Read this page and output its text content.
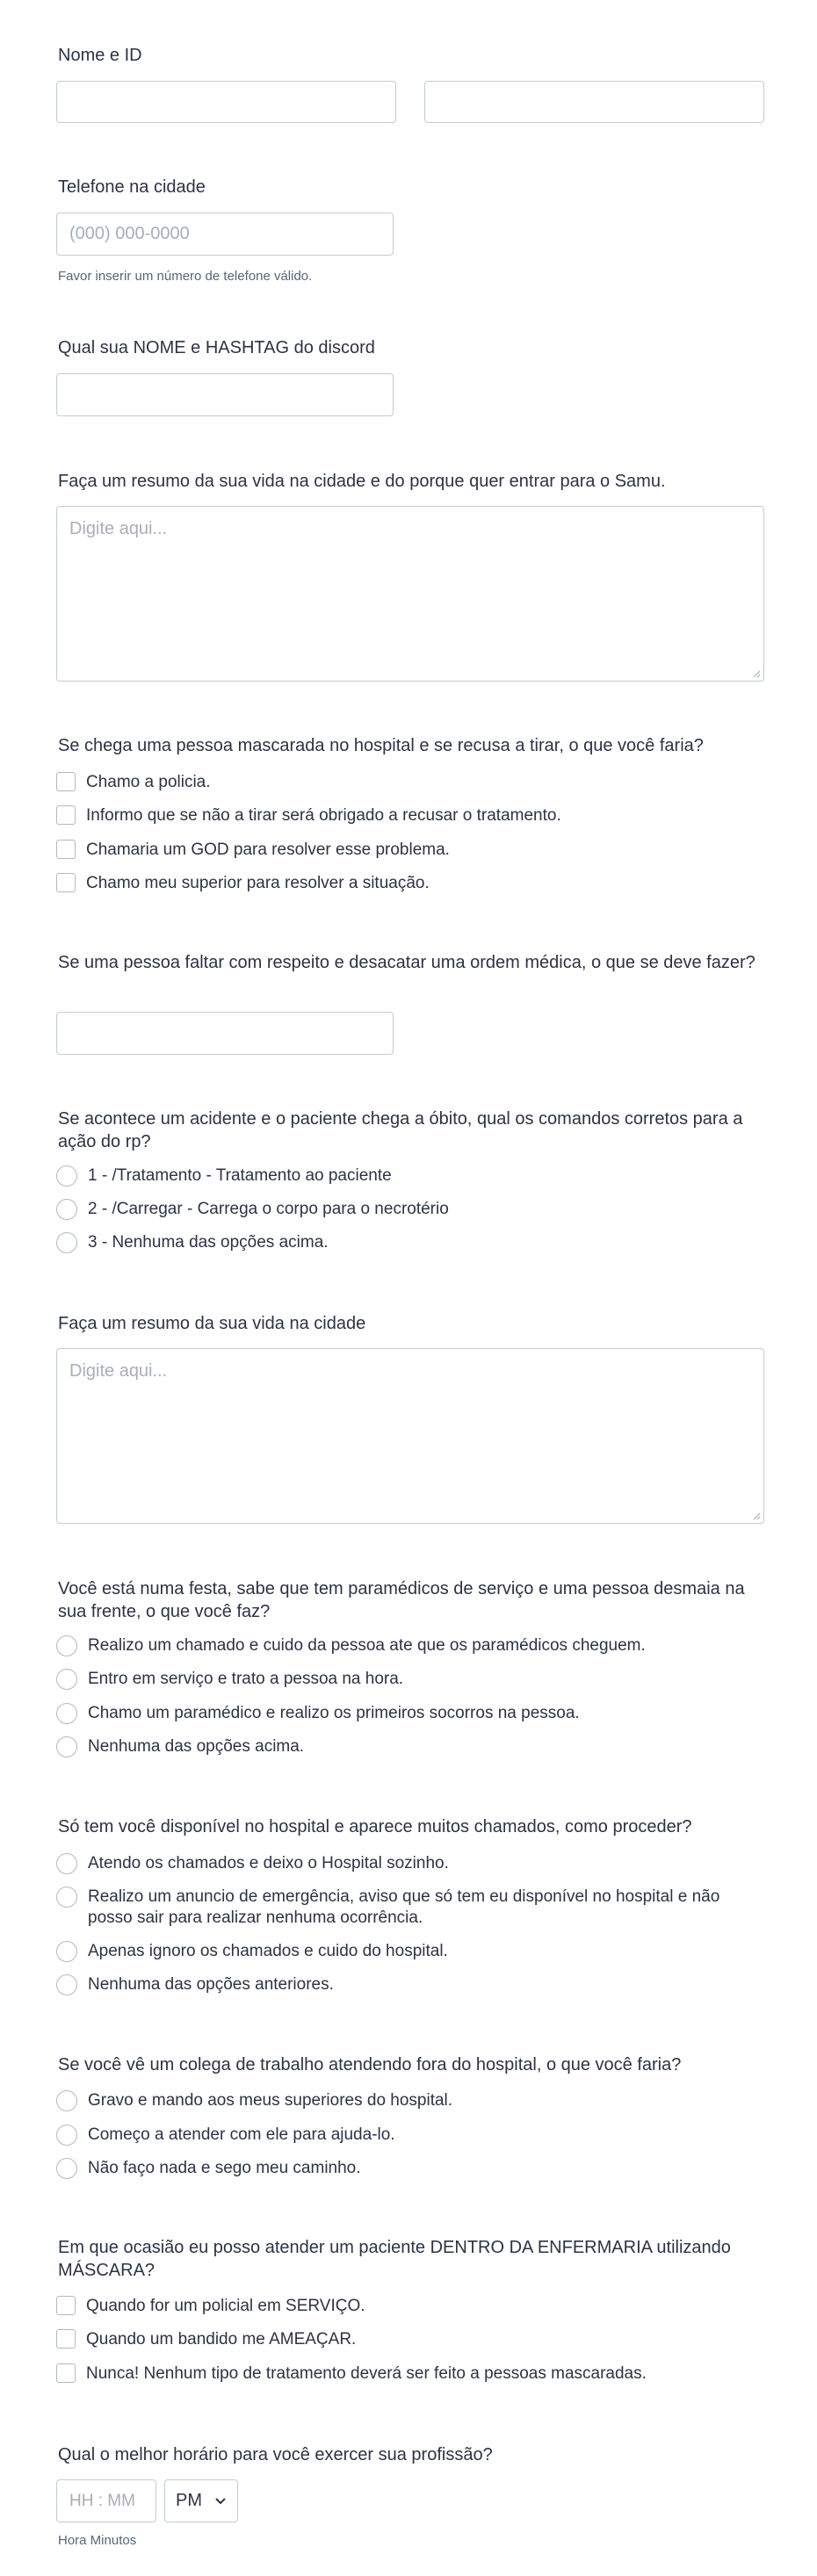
Nome e ID
Telefone na cidade
(000) 000-0000
Favor inserir um número de telefone válido.
Qual sua NOME e HASHTAG do discord
Faça um resumo da sua vida na cidade e do porque quer entrar para o Samu.
Digite aqui...
Se chega uma pessoa mascarada no hospital e se recusa a tirar, o que você faria?
Chamo a policia.
Informo que se não a tirar será obrigado a recusar o tratamento.
Chamaria um GOD para resolver esse problema.
Chamo meu superior para resolver a situação.
Se uma pessoa faltar com respeito e desacatar uma ordem médica, o que se deve fazer?
Se acontece um acidente e o paciente chega a óbito, qual os comandos corretos para a ação do rp?
1 - /Tratamento - Tratamento ao paciente
2 - /Carregar - Carrega o corpo para o necrotério
3 - Nenhuma das opções acima.
Faça um resumo da sua vida na cidade
Digite aqui...
Você está numa festa, sabe que tem paramédicos de serviço e uma pessoa desmaia na sua frente, o que você faz?
Realizo um chamado e cuido da pessoa ate que os paramédicos cheguem.
Entro em serviço e trato a pessoa na hora.
Chamo um paramédico e realizo os primeiros socorros na pessoa.
Nenhuma das opções acima.
Só tem você disponível no hospital e aparece muitos chamados, como proceder?
Atendo os chamados e deixo o Hospital sozinho.
Realizo um anuncio de emergência, aviso que só tem eu disponível no hospital e não posso sair para realizar nenhuma ocorrência.
Apenas ignoro os chamados e cuido do hospital.
Nenhuma das opções anteriores.
Se você vê um colega de trabalho atendendo fora do hospital, o que você faria?
Gravo e mando aos meus superiores do hospital.
Começo a atender com ele para ajuda-lo.
Não faço nada e sego meu caminho.
Em que ocasião eu posso atender um paciente DENTRO DA ENFERMARIA utilizando MÁSCARA?
Quando for um policial em SERVIÇO.
Quando um bandido me AMEAÇAR.
Nunca! Nenhum tipo de tratamento deverá ser feito a pessoas mascaradas.
Qual o melhor horário para você exercer sua profissão?
HH : MM PM
Hora Minutos
